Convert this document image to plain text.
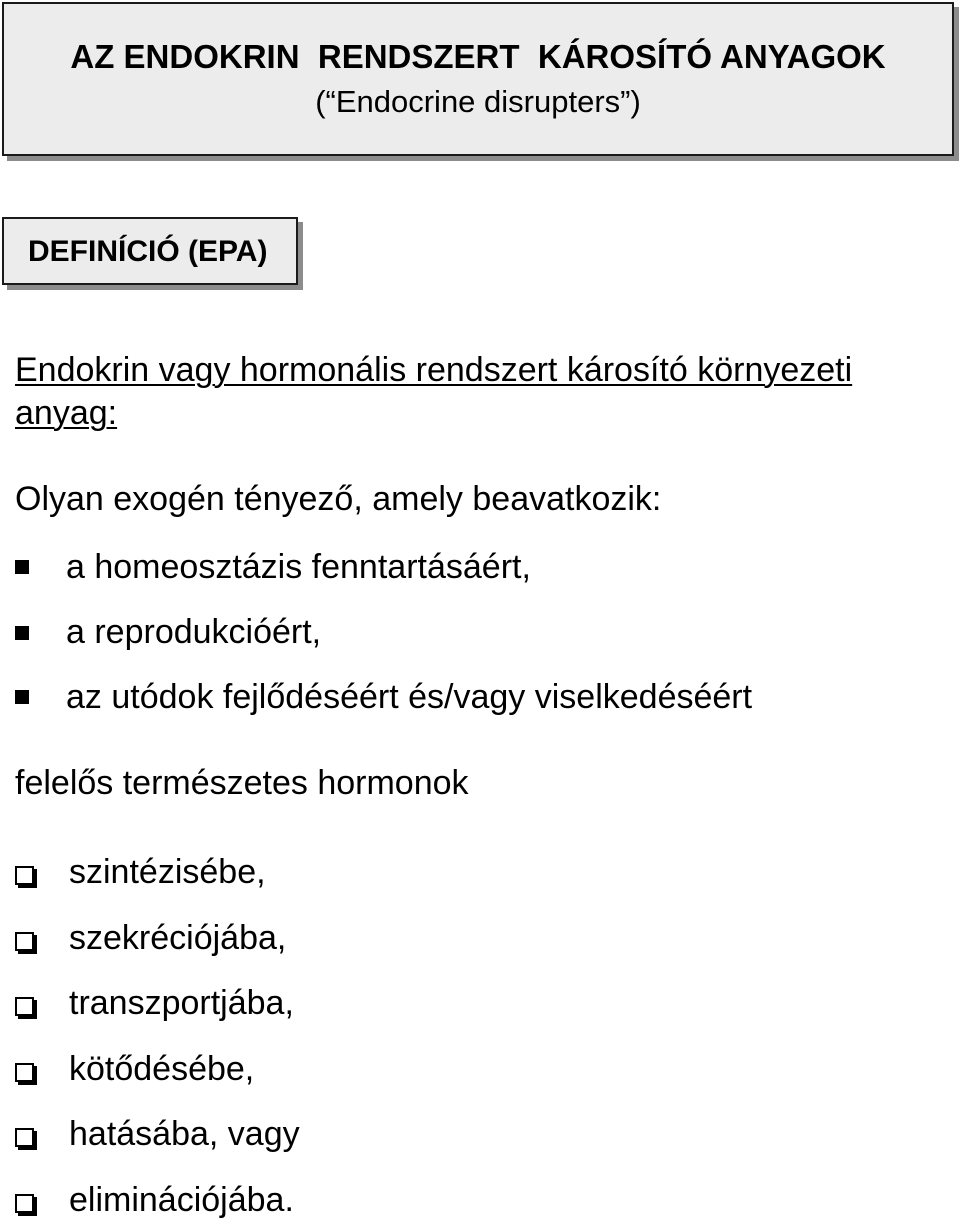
AZ ENDOKRIN  RENDSZERT  KÁROSÍTÓ ANYAGOK
(“Endocrine disrupters”)
DEFINÍCIÓ (EPA)
Endokrin vagy hormonális rendszert károsító környezeti
anyag:
Olyan exogén tényező, amely beavatkozik:
a homeosztázis fenntartásáért,
a reprodukcióért,
az utódok fejlődéséért és/vagy viselkedéséért
felelős természetes hormonok
szintézisébe,
szekréciójába,
transzportjába,
kötődésébe,
hatásába, vagy
eliminációjába.
